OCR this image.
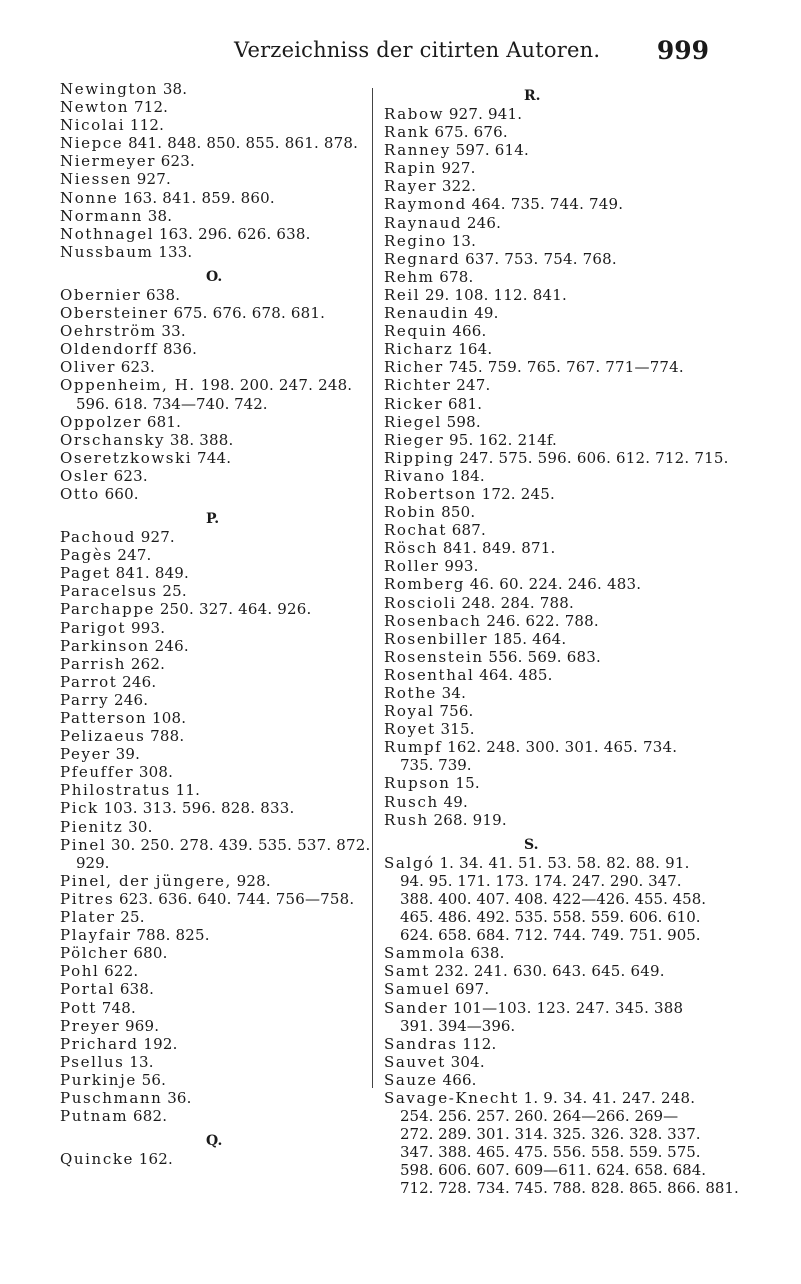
Verzeichniss der citirten Autoren. 999
Newington 38.
Newton 712.
Nicolai 112.
Niepce 841. 848. 850. 855. 861. 878.
Niermeyer 623.
Niessen 927.
Nonne 163. 841. 859. 860.
Normann 38.
Nothnagel 163. 296. 626. 638.
Nussbaum 133.
O.
Obernier 638.
Obersteiner 675. 676. 678. 681.
Oehrström 33.
Oldendorff 836.
Oliver 623.
Oppenheim, H. 198. 200. 247. 248.
596. 618. 734—740. 742.
Oppolzer 681.
Orschansky 38. 388.
Oseretzkowski 744.
Osler 623.
Otto 660.
P.
Pachoud 927.
Pagès 247.
Paget 841. 849.
Paracelsus 25.
Parchappe 250. 327. 464. 926.
Parigot 993.
Parkinson 246.
Parrish 262.
Parrot 246.
Parry 246.
Patterson 108.
Pelizaeus 788.
Peyer 39.
Pfeuffer 308.
Philostratus 11.
Pick 103. 313. 596. 828. 833.
Pienitz 30.
Pinel 30. 250. 278. 439. 535. 537. 872.
929.
Pinel, der jüngere, 928.
Pitres 623. 636. 640. 744. 756—758.
Plater 25.
Playfair 788. 825.
Pölcher 680.
Pohl 622.
Portal 638.
Pott 748.
Preyer 969.
Prichard 192.
Psellus 13.
Purkinje 56.
Puschmann 36.
Putnam 682.
Q.
Quincke 162.
R.
Rabow 927. 941.
Rank 675. 676.
Ranney 597. 614.
Rapin 927.
Rayer 322.
Raymond 464. 735. 744. 749.
Raynaud 246.
Regino 13.
Regnard 637. 753. 754. 768.
Rehm 678.
Reil 29. 108. 112. 841.
Renaudin 49.
Requin 466.
Richarz 164.
Richer 745. 759. 765. 767. 771—774.
Richter 247.
Ricker 681.
Riegel 598.
Rieger 95. 162. 214f.
Ripping 247. 575. 596. 606. 612. 712. 715.
Rivano 184.
Robertson 172. 245.
Robin 850.
Rochat 687.
Rösch 841. 849. 871.
Roller 993.
Romberg 46. 60. 224. 246. 483.
Roscioli 248. 284. 788.
Rosenbach 246. 622. 788.
Rosenbiller 185. 464.
Rosenstein 556. 569. 683.
Rosenthal 464. 485.
Rothe 34.
Royal 756.
Royet 315.
Rumpf 162. 248. 300. 301. 465. 734.
735. 739.
Rupson 15.
Rusch 49.
Rush 268. 919.
S.
Salgó 1. 34. 41. 51. 53. 58. 82. 88. 91.
94. 95. 171. 173. 174. 247. 290. 347.
388. 400. 407. 408. 422—426. 455. 458.
465. 486. 492. 535. 558. 559. 606. 610.
624. 658. 684. 712. 744. 749. 751. 905.
Sammola 638.
Samt 232. 241. 630. 643. 645. 649.
Samuel 697.
Sander 101—103. 123. 247. 345. 388
391. 394—396.
Sandras 112.
Sauvet 304.
Sauze 466.
Savage-Knecht 1. 9. 34. 41. 247. 248.
254. 256. 257. 260. 264—266. 269—
272. 289. 301. 314. 325. 326. 328. 337.
347. 388. 465. 475. 556. 558. 559. 575.
598. 606. 607. 609—611. 624. 658. 684.
712. 728. 734. 745. 788. 828. 865. 866. 881.
